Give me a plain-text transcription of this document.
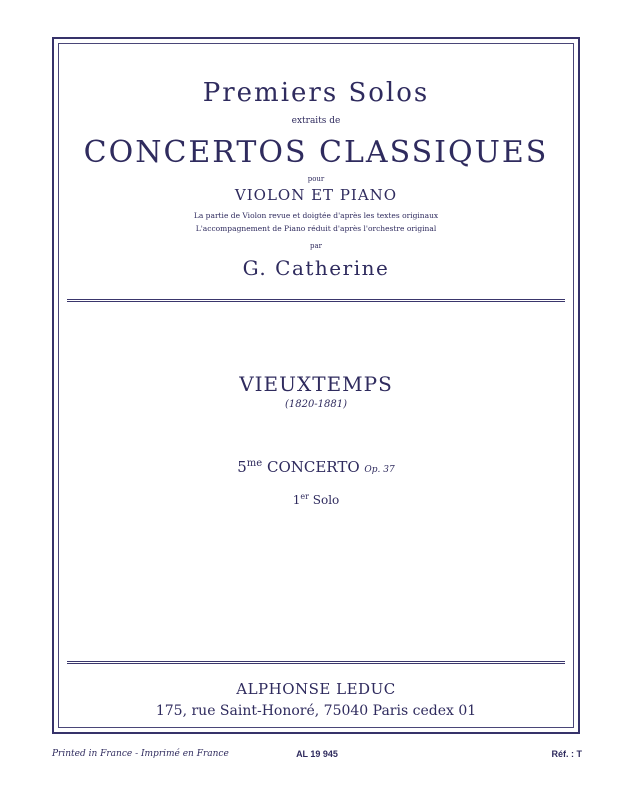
Premiers Solos
extraits de
CONCERTOS CLASSIQUES
pour
VIOLON ET PIANO
La partie de Violon revue et doigtée d'après les textes originaux
L'accompagnement de Piano réduit d'après l'orchestre original
par
G. Catherine
VIEUXTEMPS
(1820-1881)
$5^{me}$ CONCERTO Op. 37
1er Solo
ALPHONSE LEDUC
175, rue Saint-Honoré, 75040 Paris cedex 01
Printed in France - Imprimé en France	AL 19 945	Réf. : T
